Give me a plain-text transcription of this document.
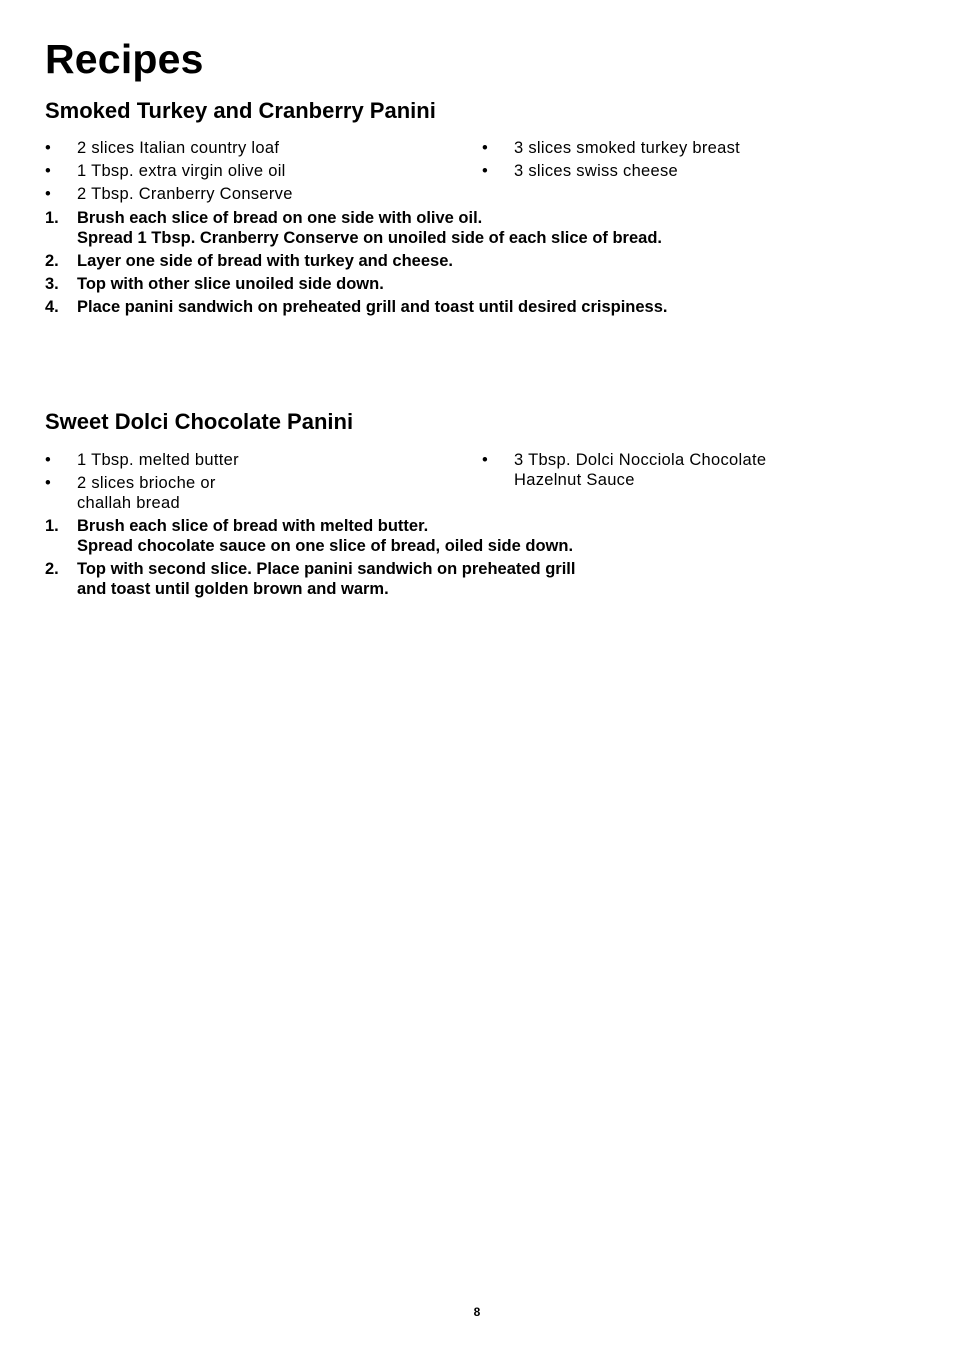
Recipes
Smoked Turkey and Cranberry Panini
• 2 slices Italian country loaf
• 1 Tbsp. extra virgin olive oil
• 2 Tbsp. Cranberry Conserve
• 3 slices smoked turkey breast
• 3 slices swiss cheese
1. Brush each slice of bread on one side with olive oil.
Spread 1 Tbsp. Cranberry Conserve on unoiled side of each slice of bread.
2. Layer one side of bread with turkey and cheese.
3. Top with other slice unoiled side down.
4. Place panini sandwich on preheated grill and toast until desired crispiness.
Sweet Dolci Chocolate Panini
• 1 Tbsp. melted butter
• 2 slices brioche or challah bread
• 3 Tbsp. Dolci Nocciola Chocolate Hazelnut Sauce
1. Brush each slice of bread with melted butter.
Spread chocolate sauce on one slice of bread, oiled side down.
2. Top with second slice. Place panini sandwich on preheated grill
and toast until golden brown and warm.
8
